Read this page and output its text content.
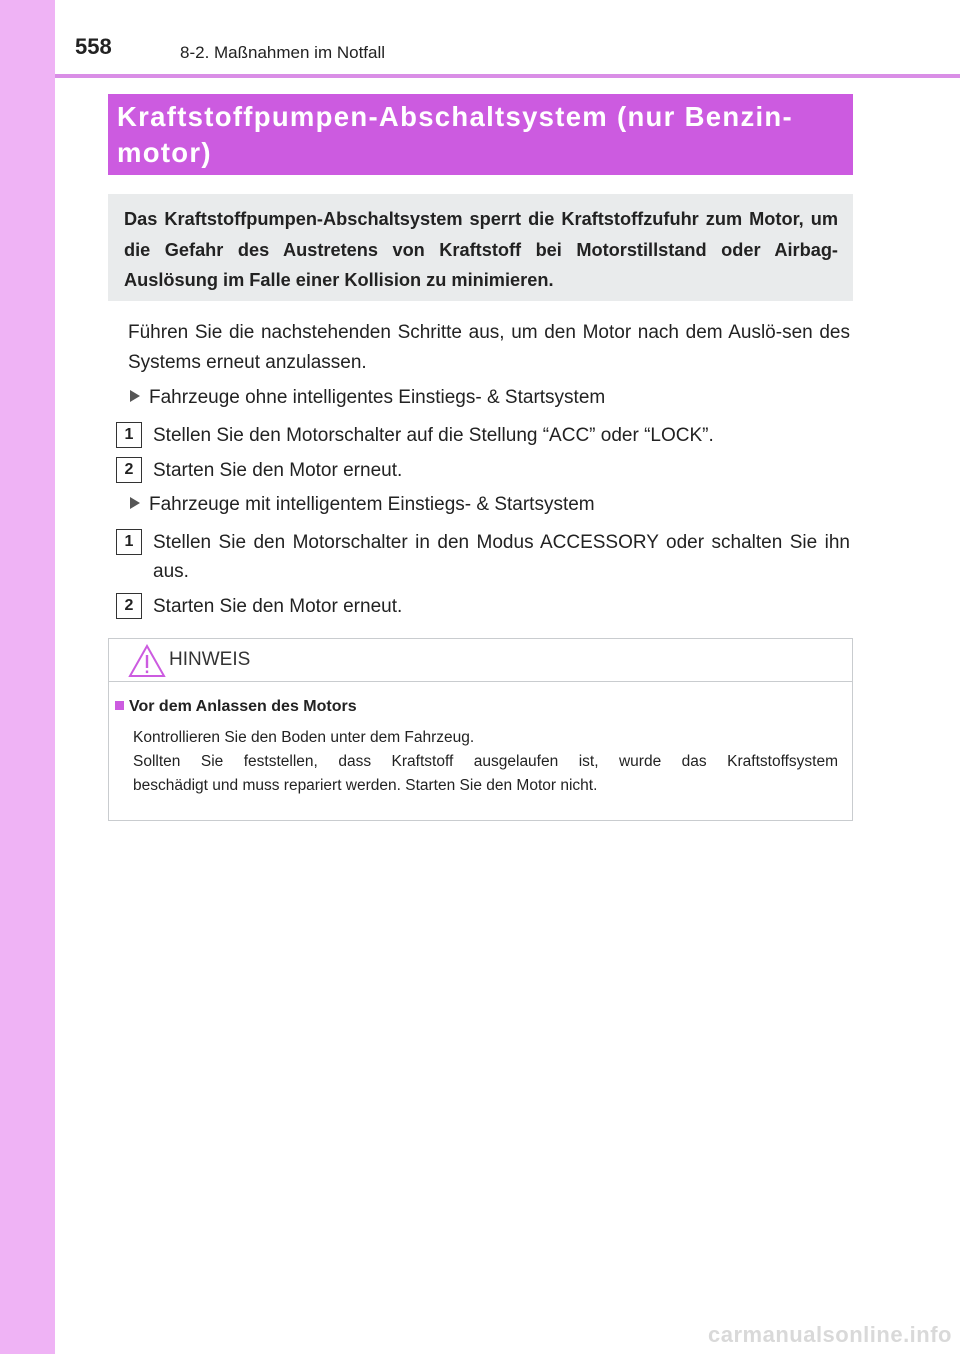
558	8-2. Maßnahmen im Notfall
Kraftstoffpumpen-Abschaltsystem (nur Benzin-
motor)
Das Kraftstoffpumpen-Abschaltsystem sperrt die Kraftstoffzufuhr zum Motor, um die Gefahr des Austretens von Kraftstoff bei Motorstillstand oder Airbag-Auslösung im Falle einer Kollision zu minimieren.
Führen Sie die nachstehenden Schritte aus, um den Motor nach dem Auslö-sen des Systems erneut anzulassen.
Fahrzeuge ohne intelligentes Einstiegs- & Startsystem
1	Stellen Sie den Motorschalter auf die Stellung “ACC” oder “LOCK”.
2	Starten Sie den Motor erneut.
Fahrzeuge mit intelligentem Einstiegs- & Startsystem
1	Stellen Sie den Motorschalter in den Modus ACCESSORY oder schalten Sie ihn aus.
2	Starten Sie den Motor erneut.
HINWEIS
Vor dem Anlassen des Motors
Kontrollieren Sie den Boden unter dem Fahrzeug.
Sollten Sie feststellen, dass Kraftstoff ausgelaufen ist, wurde das Kraftstoffsystem
beschädigt und muss repariert werden. Starten Sie den Motor nicht.
carmanualsonline.info
